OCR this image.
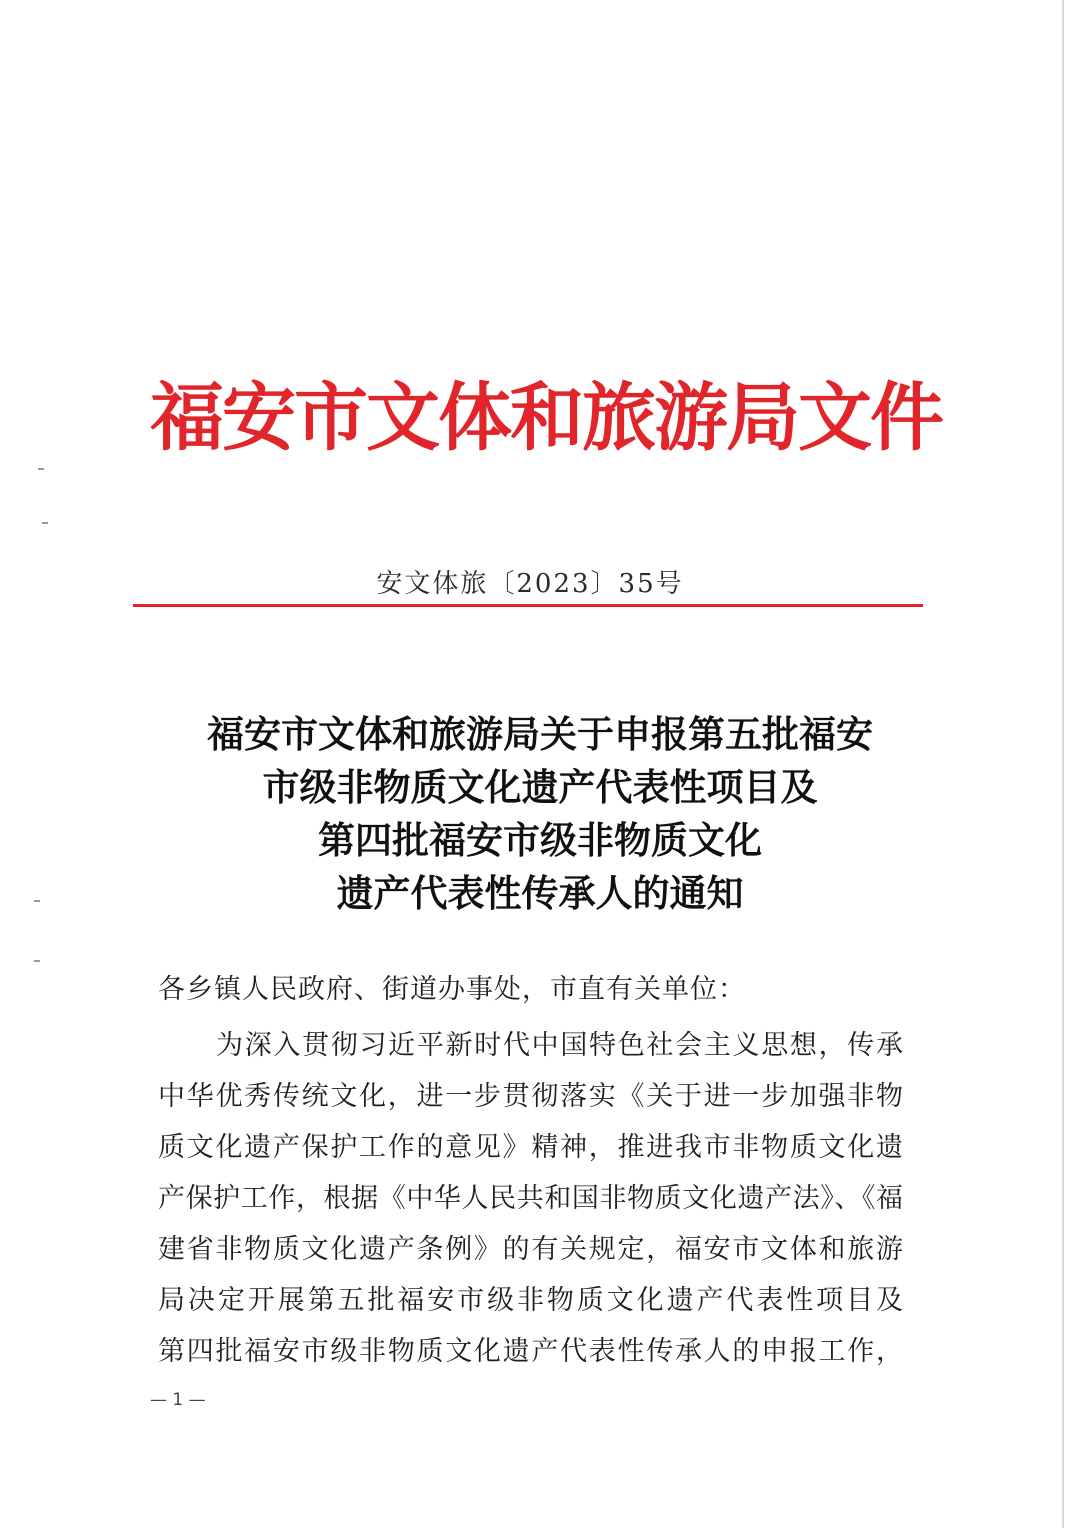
福安市文体和旅游局文件
安文体旅〔2023〕35号
福安市文体和旅游局关于申报第五批福安
市级非物质文化遗产代表性项目及
第四批福安市级非物质文化
遗产代表性传承人的通知
各乡镇人民政府、街道办事处，市直有关单位：
为深入贯彻习近平新时代中国特色社会主义思想，传承
中华优秀传统文化，进一步贯彻落实《关于进一步加强非物
质文化遗产保护工作的意见》精神，推进我市非物质文化遗
产保护工作，根据《中华人民共和国非物质文化遗产法》、《福
建省非物质文化遗产条例》的有关规定，福安市文体和旅游
局决定开展第五批福安市级非物质文化遗产代表性项目及
第四批福安市级非物质文化遗产代表性传承人的申报工作，
— 1 —
